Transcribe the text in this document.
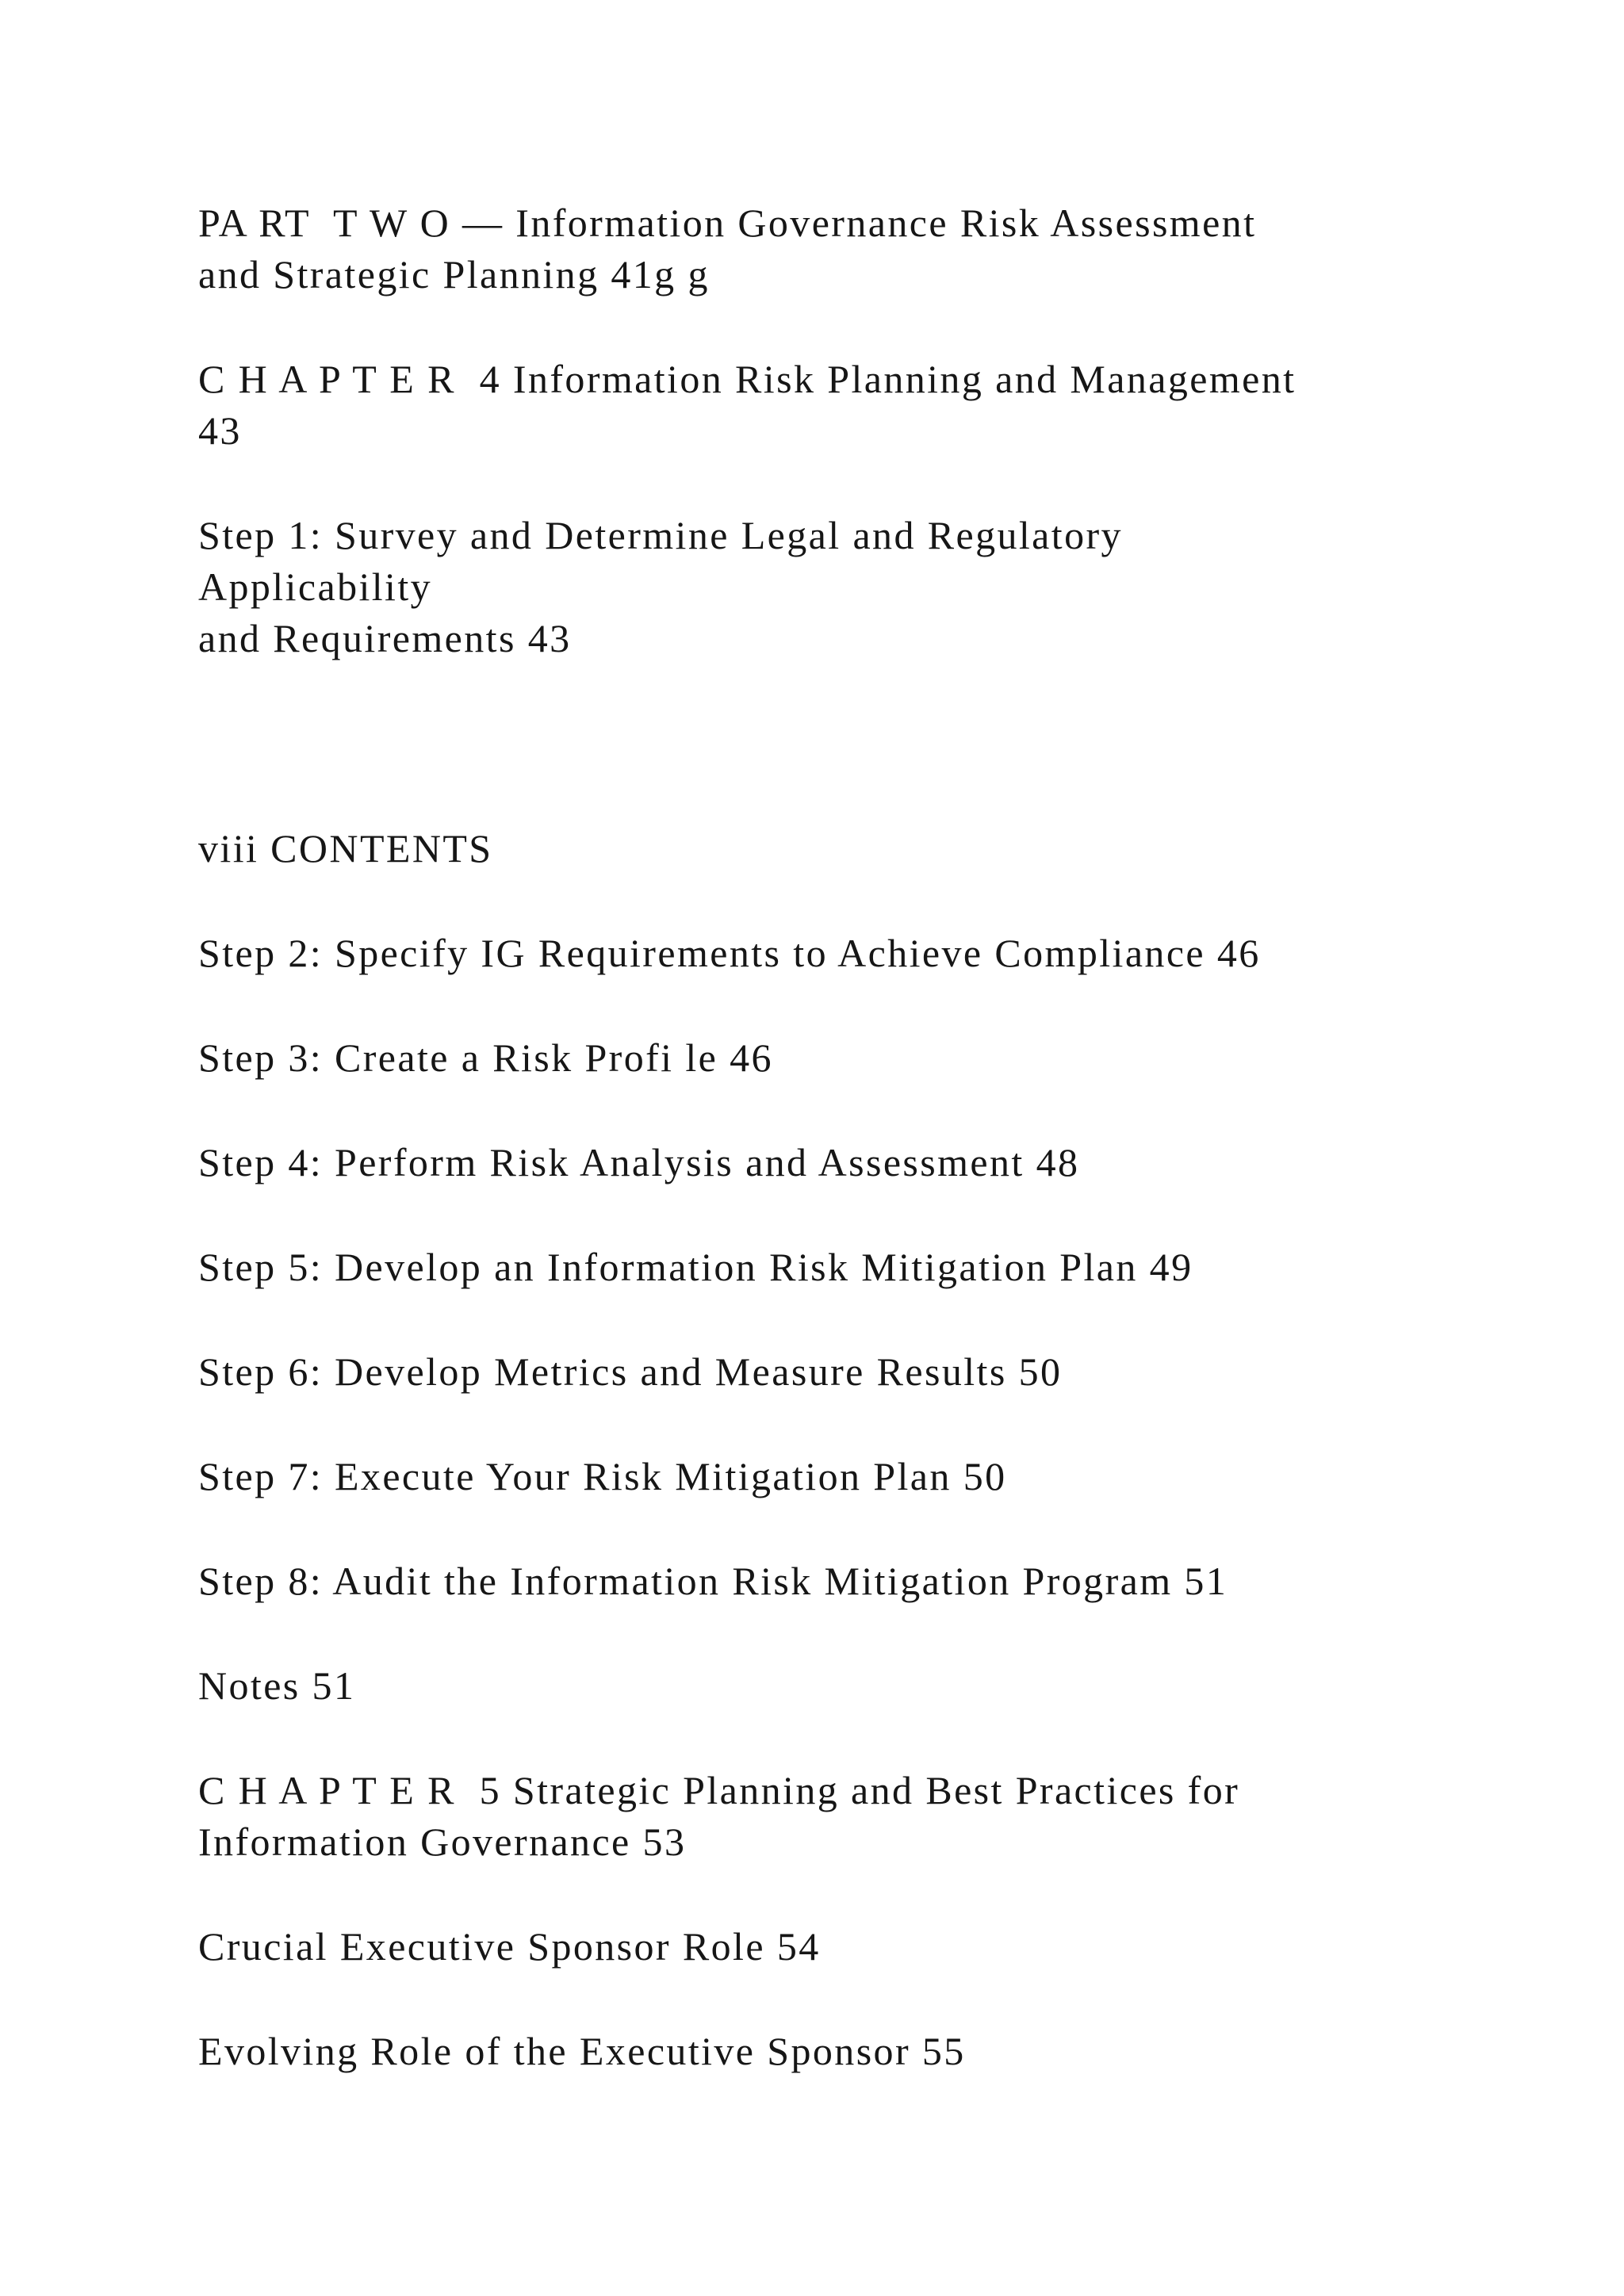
PA RT  T W O — Information Governance Risk Assessment

and Strategic Planning 41g g

C H A P T E R  4 Information Risk Planning and Management

43

Step 1: Survey and Determine Legal and Regulatory

Applicability

and Requirements 43

viii CONTENTS

Step 2: Specify IG Requirements to Achieve Compliance 46

Step 3: Create a Risk Profi le 46

Step 4: Perform Risk Analysis and Assessment 48

Step 5: Develop an Information Risk Mitigation Plan 49

Step 6: Develop Metrics and Measure Results 50

Step 7: Execute Your Risk Mitigation Plan 50

Step 8: Audit the Information Risk Mitigation Program 51

Notes 51

C H A P T E R  5 Strategic Planning and Best Practices for

Information Governance 53

Crucial Executive Sponsor Role 54

Evolving Role of the Executive Sponsor 55
